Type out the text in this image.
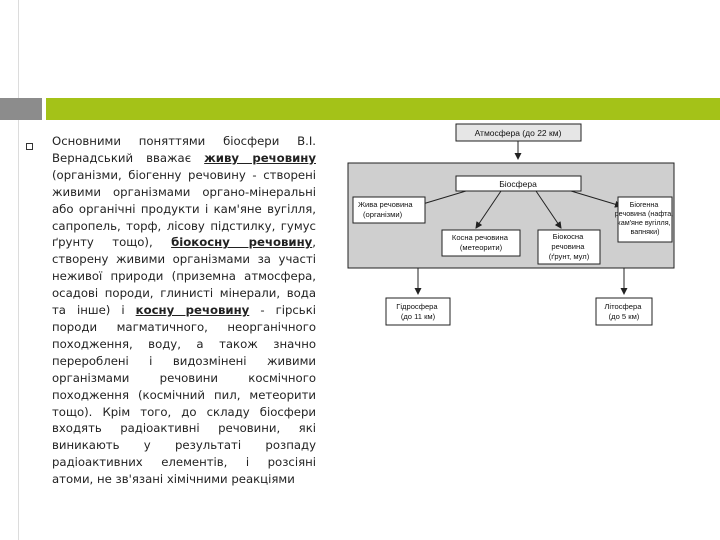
Основними поняттями біосфери В.І. Вернадський вважає живу речовину (організми, біогенну речовину - створені живими організмами органо-мінеральні або органічні продукти і кам'яне вугілля, сапропель, торф, лісову підстилку, гумус ґрунту тощо), біокосну речовину, створену живими організмами за участі неживої природи (приземна атмосфера, осадові породи, глинисті мінерали, вода та інше) і косну речовину - гірські породи магматичного, неорганічного походження, воду, а також значно перероблені і видозмінені живими організмами речовини космічного походження (космічний пил, метеорити тощо). Крім того, до складу біосфери входять радіоактивні речовини, які виникають у результаті розпаду радіоактивних елементів, і розсіяні атоми, не зв'язані хімічними реакціями
Атмосфера (до 22 км)
Біосфера
Жива речовина (організми)
Біогенна речовина (нафта, кам'яне вугілля, вапняки)
Косна речовина (метеорити)
Біокосна речовина (ґрунт, мул)
Гідросфера (до 11 км)
Літосфера (до 5 км)
